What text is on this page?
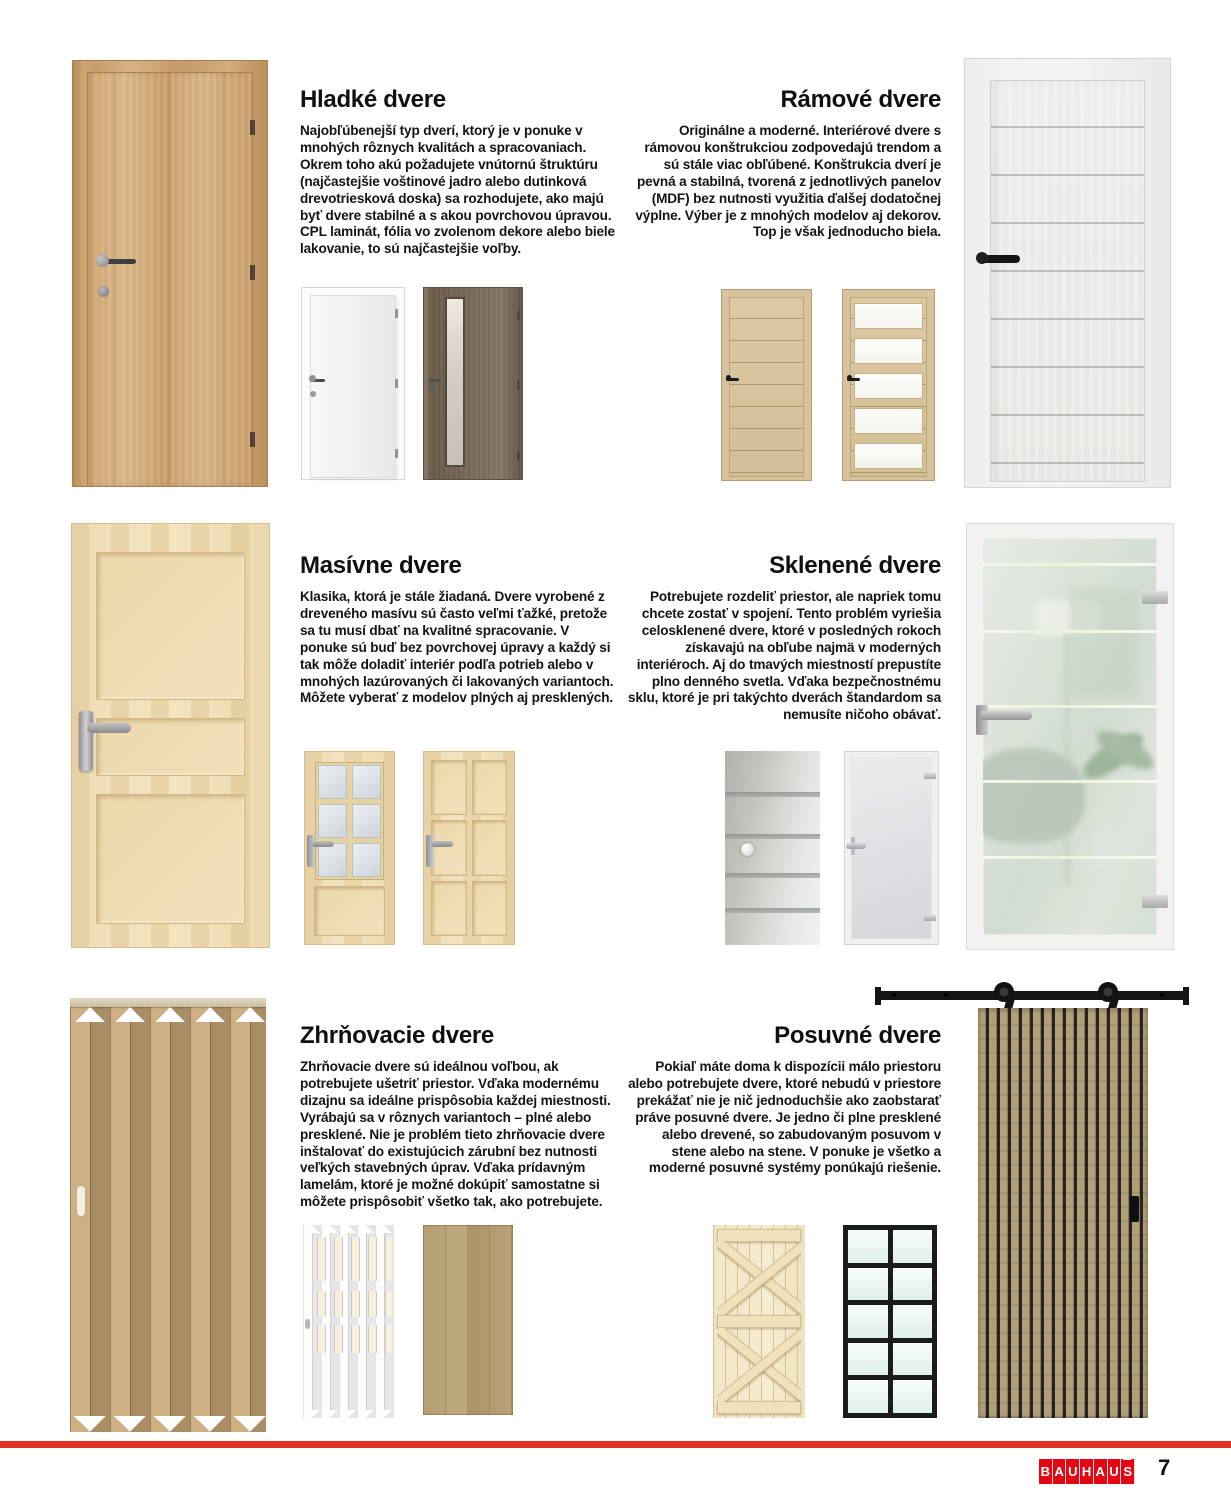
Hladké dvere

Najobľúbenejší typ dverí, ktorý je v ponuke v mnohých rôznych kvalitách a spracovaniach. Okrem toho akú požadujete vnútornú štruktúru (najčastejšie voštinové jadro alebo dutinková drevotriesková doska) sa rozhodujete, ako majú byť dvere stabilné a s akou povrchovou úpravou. CPL laminát, fólia vo zvolenom dekore alebo biele lakovanie, to sú najčastejšie voľby.

Rámové dvere

Originálne a moderné. Interiérové dvere s rámovou konštrukciou zodpovedajú trendom a sú stále viac obľúbené. Konštrukcia dverí je pevná a stabilná, tvorená z jednotlivých panelov (MDF) bez nutnosti využitia ďalšej dodatočnej výplne. Výber je z mnohých modelov aj dekorov. Top je však jednoducho biela.

Masívne dvere

Klasika, ktorá je stále žiadaná. Dvere vyrobené z dreveného masívu sú často veľmi ťažké, pretože sa tu musí dbať na kvalitné spracovanie. V ponuke sú buď bez povrchovej úpravy a každý si tak môže doladiť interiér podľa potrieb alebo v mnohých lazúrovaných či lakovaných variantoch. Môžete vyberať z modelov plných aj presklených.

Sklenené dvere

Potrebujete rozdeliť priestor, ale napriek tomu chcete zostať v spojení. Tento problém vyriešia celosklenené dvere, ktoré v posledných rokoch získavajú na obľube najmä v moderných interiéroch. Aj do tmavých miestností prepustíte plno denného svetla. Vďaka bezpečnostnému sklu, ktoré je pri takýchto dverách štandardom sa nemusíte ničoho obávať.

Zhrňovacie dvere

Zhrňovacie dvere sú ideálnou voľbou, ak potrebujete ušetriť priestor. Vďaka modernému dizajnu sa ideálne prispôsobia každej miestnosti. Vyrábajú sa v rôznych variantoch – plné alebo presklené. Nie je problém tieto zhrňovacie dvere inštalovať do existujúcich zárubní bez nutnosti veľkých stavebných úprav. Vďaka prídavným lamelám, ktoré je možné dokúpiť samostatne si môžete prispôsobiť všetko tak, ako potrebujete.

Posuvné dvere

Pokiaľ máte doma k dispozícii málo priestoru alebo potrebujete dvere, ktoré nebudú v priestore prekážať nie je nič jednoduchšie ako zaobstarať práve posuvné dvere. Je jedno či plne presklené alebo drevené, so zabudovaným posuvom v stene alebo na stene. V ponuke je všetko a moderné posuvné systémy ponúkajú riešenie.

B A U H A U S 7
